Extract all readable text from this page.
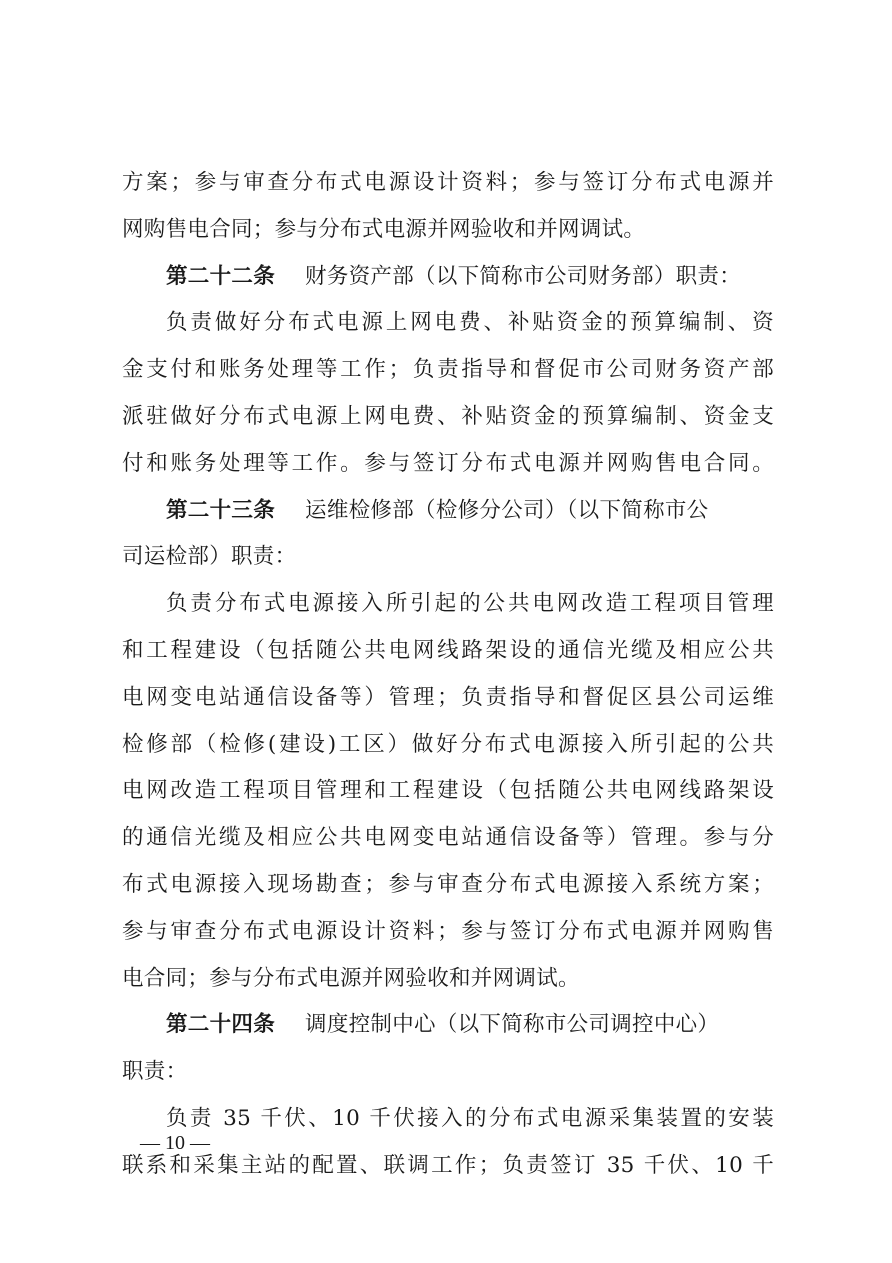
方案；参与审查分布式电源设计资料；参与签订分布式电源并
网购售电合同；参与分布式电源并网验收和并网调试。
第二十二条 财务资产部（以下简称市公司财务部）职责：
负责做好分布式电源上网电费、补贴资金的预算编制、资
金支付和账务处理等工作；负责指导和督促市公司财务资产部
派驻做好分布式电源上网电费、补贴资金的预算编制、资金支
付和账务处理等工作。参与签订分布式电源并网购售电合同。
第二十三条 运维检修部（检修分公司）（以下简称市公
司运检部）职责：
负责分布式电源接入所引起的公共电网改造工程项目管理
和工程建设（包括随公共电网线路架设的通信光缆及相应公共
电网变电站通信设备等）管理；负责指导和督促区县公司运维
检修部（检修(建设)工区）做好分布式电源接入所引起的公共
电网改造工程项目管理和工程建设（包括随公共电网线路架设
的通信光缆及相应公共电网变电站通信设备等）管理。参与分
布式电源接入现场勘查；参与审查分布式电源接入系统方案；
参与审查分布式电源设计资料；参与签订分布式电源并网购售
电合同；参与分布式电源并网验收和并网调试。
第二十四条 调度控制中心（以下简称市公司调控中心）
职责：
负责 35 千伏、10 千伏接入的分布式电源采集装置的安装
联系和采集主站的配置、联调工作；负责签订 35 千伏、10 千
— 10 —
